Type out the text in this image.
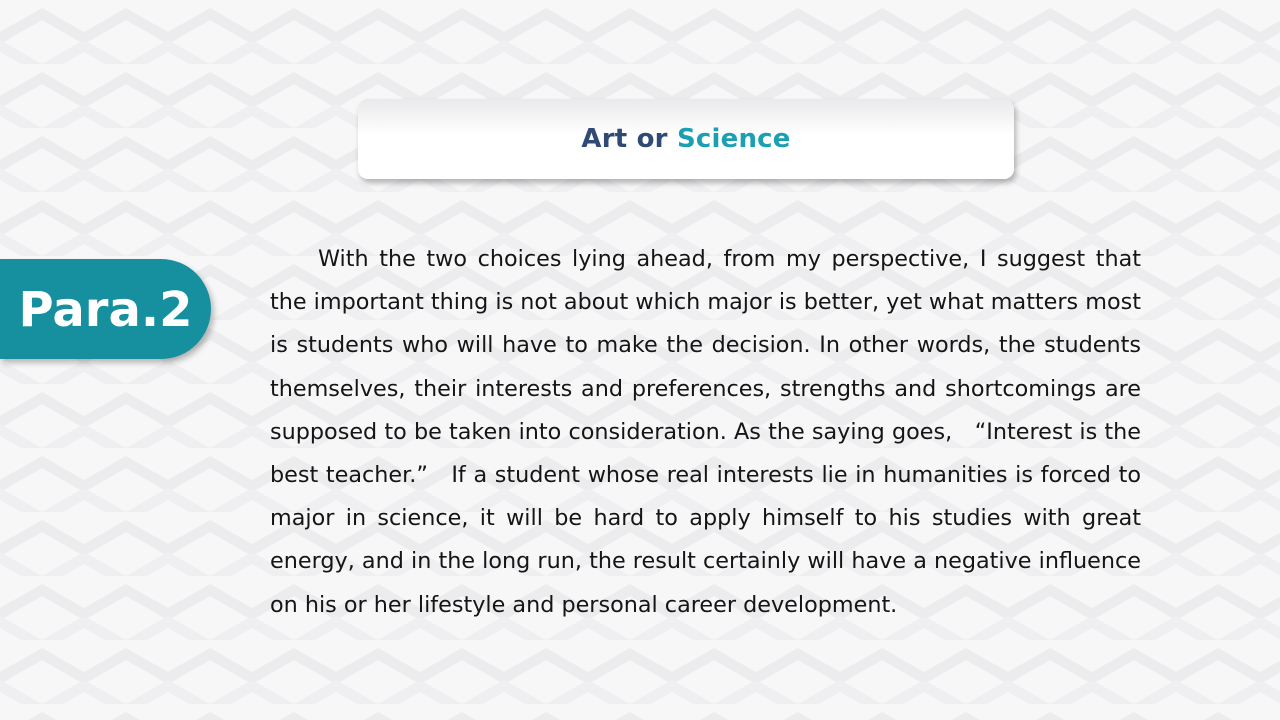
Art or Science
Para.2

With the two choices lying ahead, from my perspective, I suggest that the important thing is not about which major is better, yet what matters most is students who will have to make the decision. In other words, the students themselves, their interests and preferences, strengths and shortcomings are supposed to be taken into consideration. As the saying goes,　“Interest is the best teacher.”　If a student whose real interests lie in humanities is forced to major in science, it will be hard to apply himself to his studies with great energy, and in the long run, the result certainly will have a negative influence on his or her lifestyle and personal career development.
